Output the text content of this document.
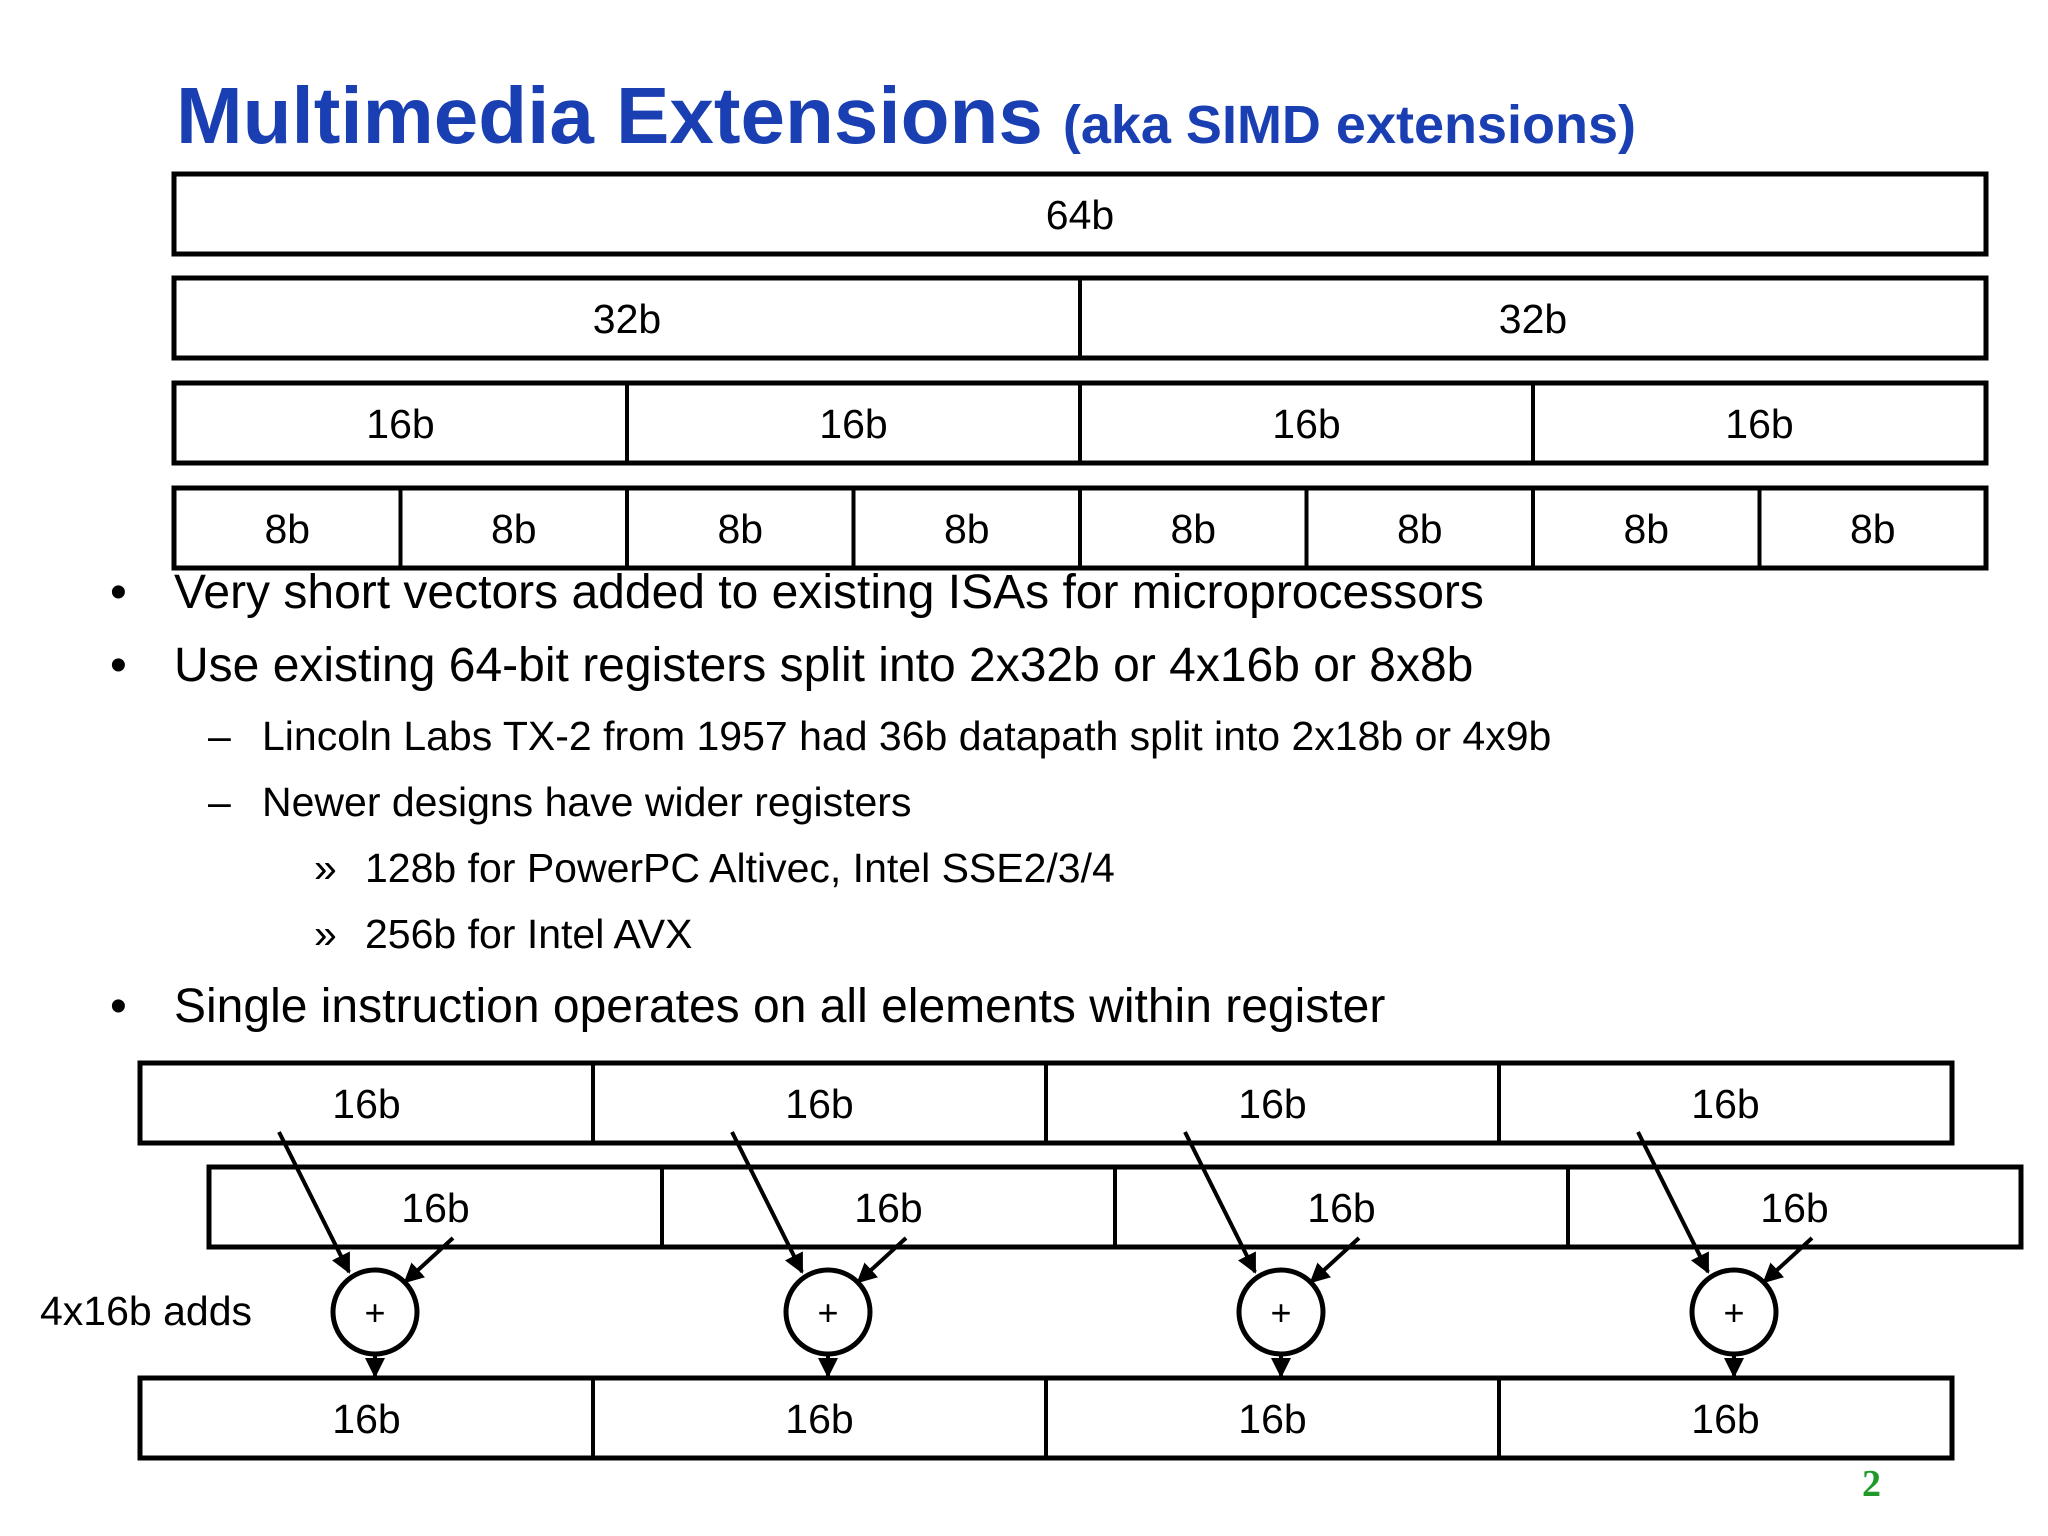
Multimedia Extensions (aka SIMD extensions)
64b
32b	32b
16b	16b	16b	16b
8b	8b	8b	8b	8b	8b	8b	8b
16b	16b	16b	16b
16b	16b	16b	16b
16b	16b	16b	16b
+	+	+	+
• Very short vectors added to existing ISAs for microprocessors
• Use existing 64-bit registers split into 2x32b or 4x16b or 8x8b
– Lincoln Labs TX-2 from 1957 had 36b datapath split into 2x18b or 4x9b
– Newer designs have wider registers
» 128b for PowerPC Altivec, Intel SSE2/3/4
» 256b for Intel AVX
• Single instruction operates on all elements within register
4x16b adds
2
